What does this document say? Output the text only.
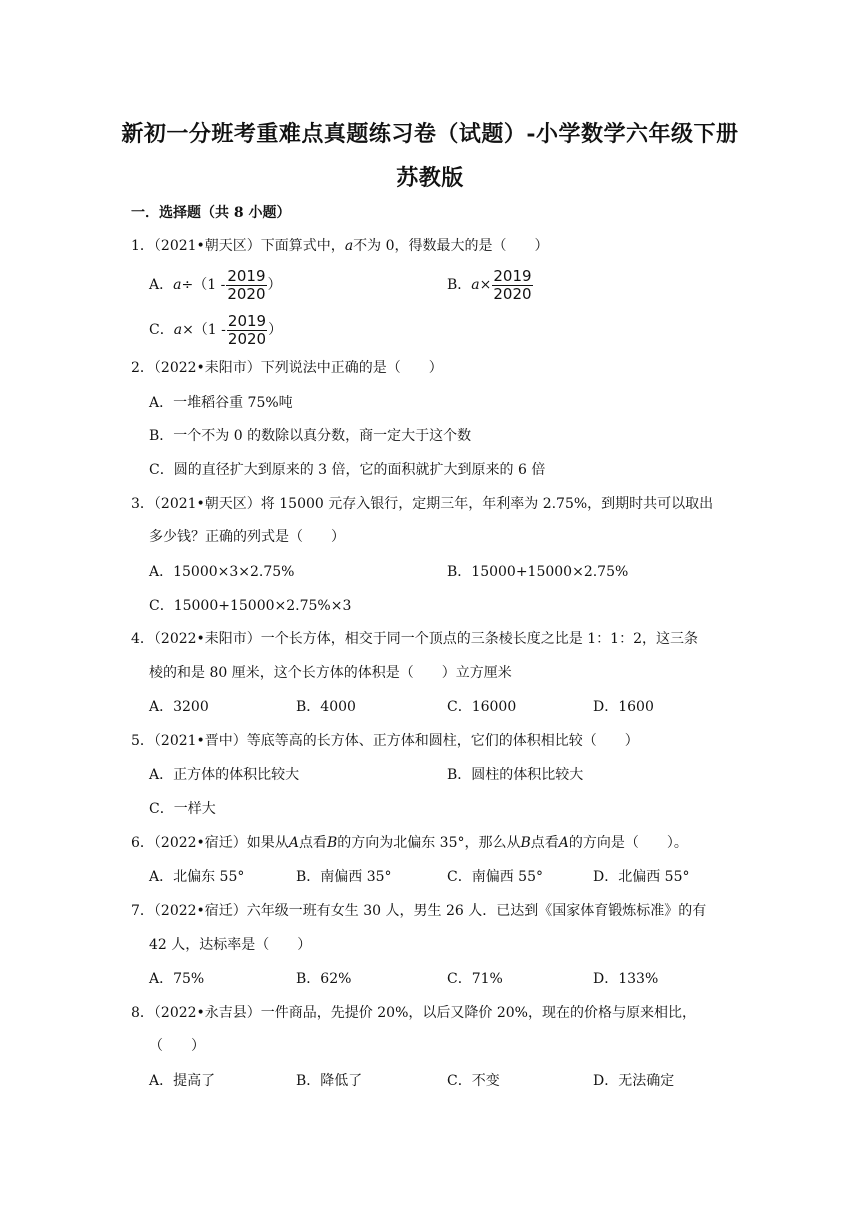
新初一分班考重难点真题练习卷（试题）-小学数学六年级下册
苏教版
一．选择题（共 8 小题）
1．（2021•朝天区）下面算式中，a不为 0，得数最大的是（　　）
A．$a\div(1 - \frac{2019}{2020}$ ）	B．$a\times \frac{2019}{2020}$
C．$a\times(1 - \frac{2019}{2020}$ ）
2．（2022•耒阳市）下列说法中正确的是（　　）
A．一堆稻谷重 75%吨
B．一个不为 0 的数除以真分数，商一定大于这个数
C．圆的直径扩大到原来的 3 倍，它的面积就扩大到原来的 6 倍
3．（2021•朝天区）将 15000 元存入银行，定期三年，年利率为 2.75%，到期时共可以取出
多少钱？正确的列式是（　　）
A．15000×3×2.75%	B．15000+15000×2.75%
C．15000+15000×2.75%×3
4．（2022•耒阳市）一个长方体，相交于同一个顶点的三条棱长度之比是 1：1：2，这三条
棱的和是 80 厘米，这个长方体的体积是（　　）立方厘米
A．3200	B．4000	C．16000	D．1600
5．（2021•晋中）等底等高的长方体、正方体和圆柱，它们的体积相比较（　　）
A．正方体的体积比较大	B．圆柱的体积比较大
C．一样大
6．（2022•宿迁）如果从A点看B的方向为北偏东 35°，那么从B点看A的方向是（　　）。
A．北偏东 55°	B．南偏西 35°	C．南偏西 55°	D．北偏西 55°
7．（2022•宿迁）六年级一班有女生 30 人，男生 26 人．已达到《国家体育锻炼标准》的有
42 人，达标率是（　　）
A．75%	B．62%	C．71%	D．133%
8．（2022•永吉县）一件商品，先提价 20%，以后又降价 20%，现在的价格与原来相比，
（　　）
A．提高了	B．降低了	C．不变	D．无法确定
